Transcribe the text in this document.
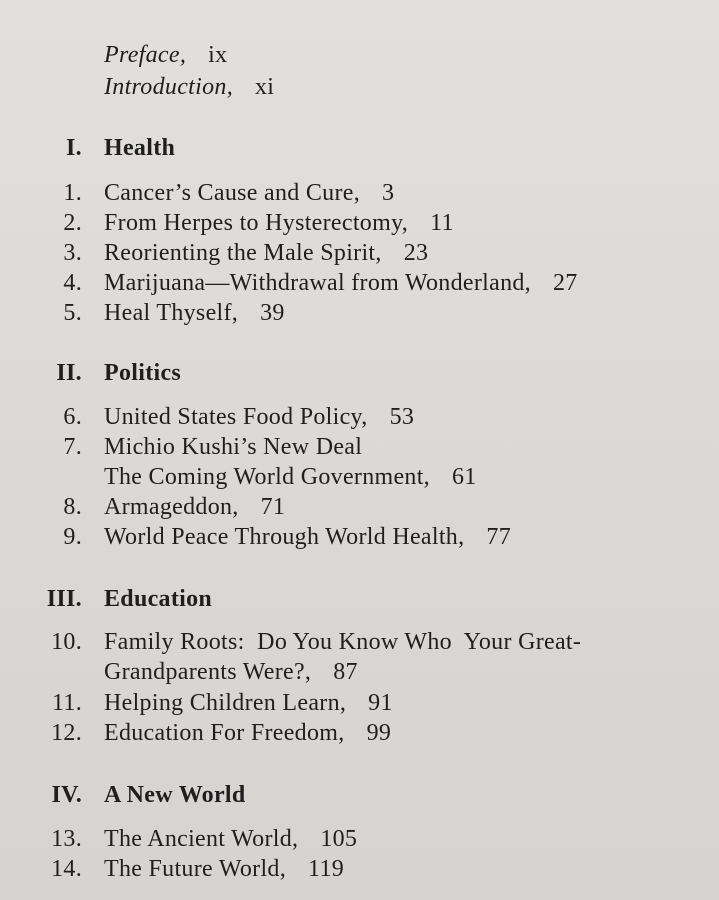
Preface, ix
Introduction, xi
I. Health
1. Cancer’s Cause and Cure, 3
2. From Herpes to Hysterectomy, 11
3. Reorienting the Male Spirit, 23
4. Marijuana—Withdrawal from Wonderland, 27
5. Heal Thyself, 39
II. Politics
6. United States Food Policy, 53
7. Michio Kushi’s New Deal
The Coming World Government, 61
8. Armageddon, 71
9. World Peace Through World Health, 77
III. Education
10. Family Roots:  Do You Know Who  Your Great-
Grandparents Were?, 87
11. Helping Children Learn, 91
12. Education For Freedom, 99
IV. A New World
13. The Ancient World, 105
14. The Future World, 119
